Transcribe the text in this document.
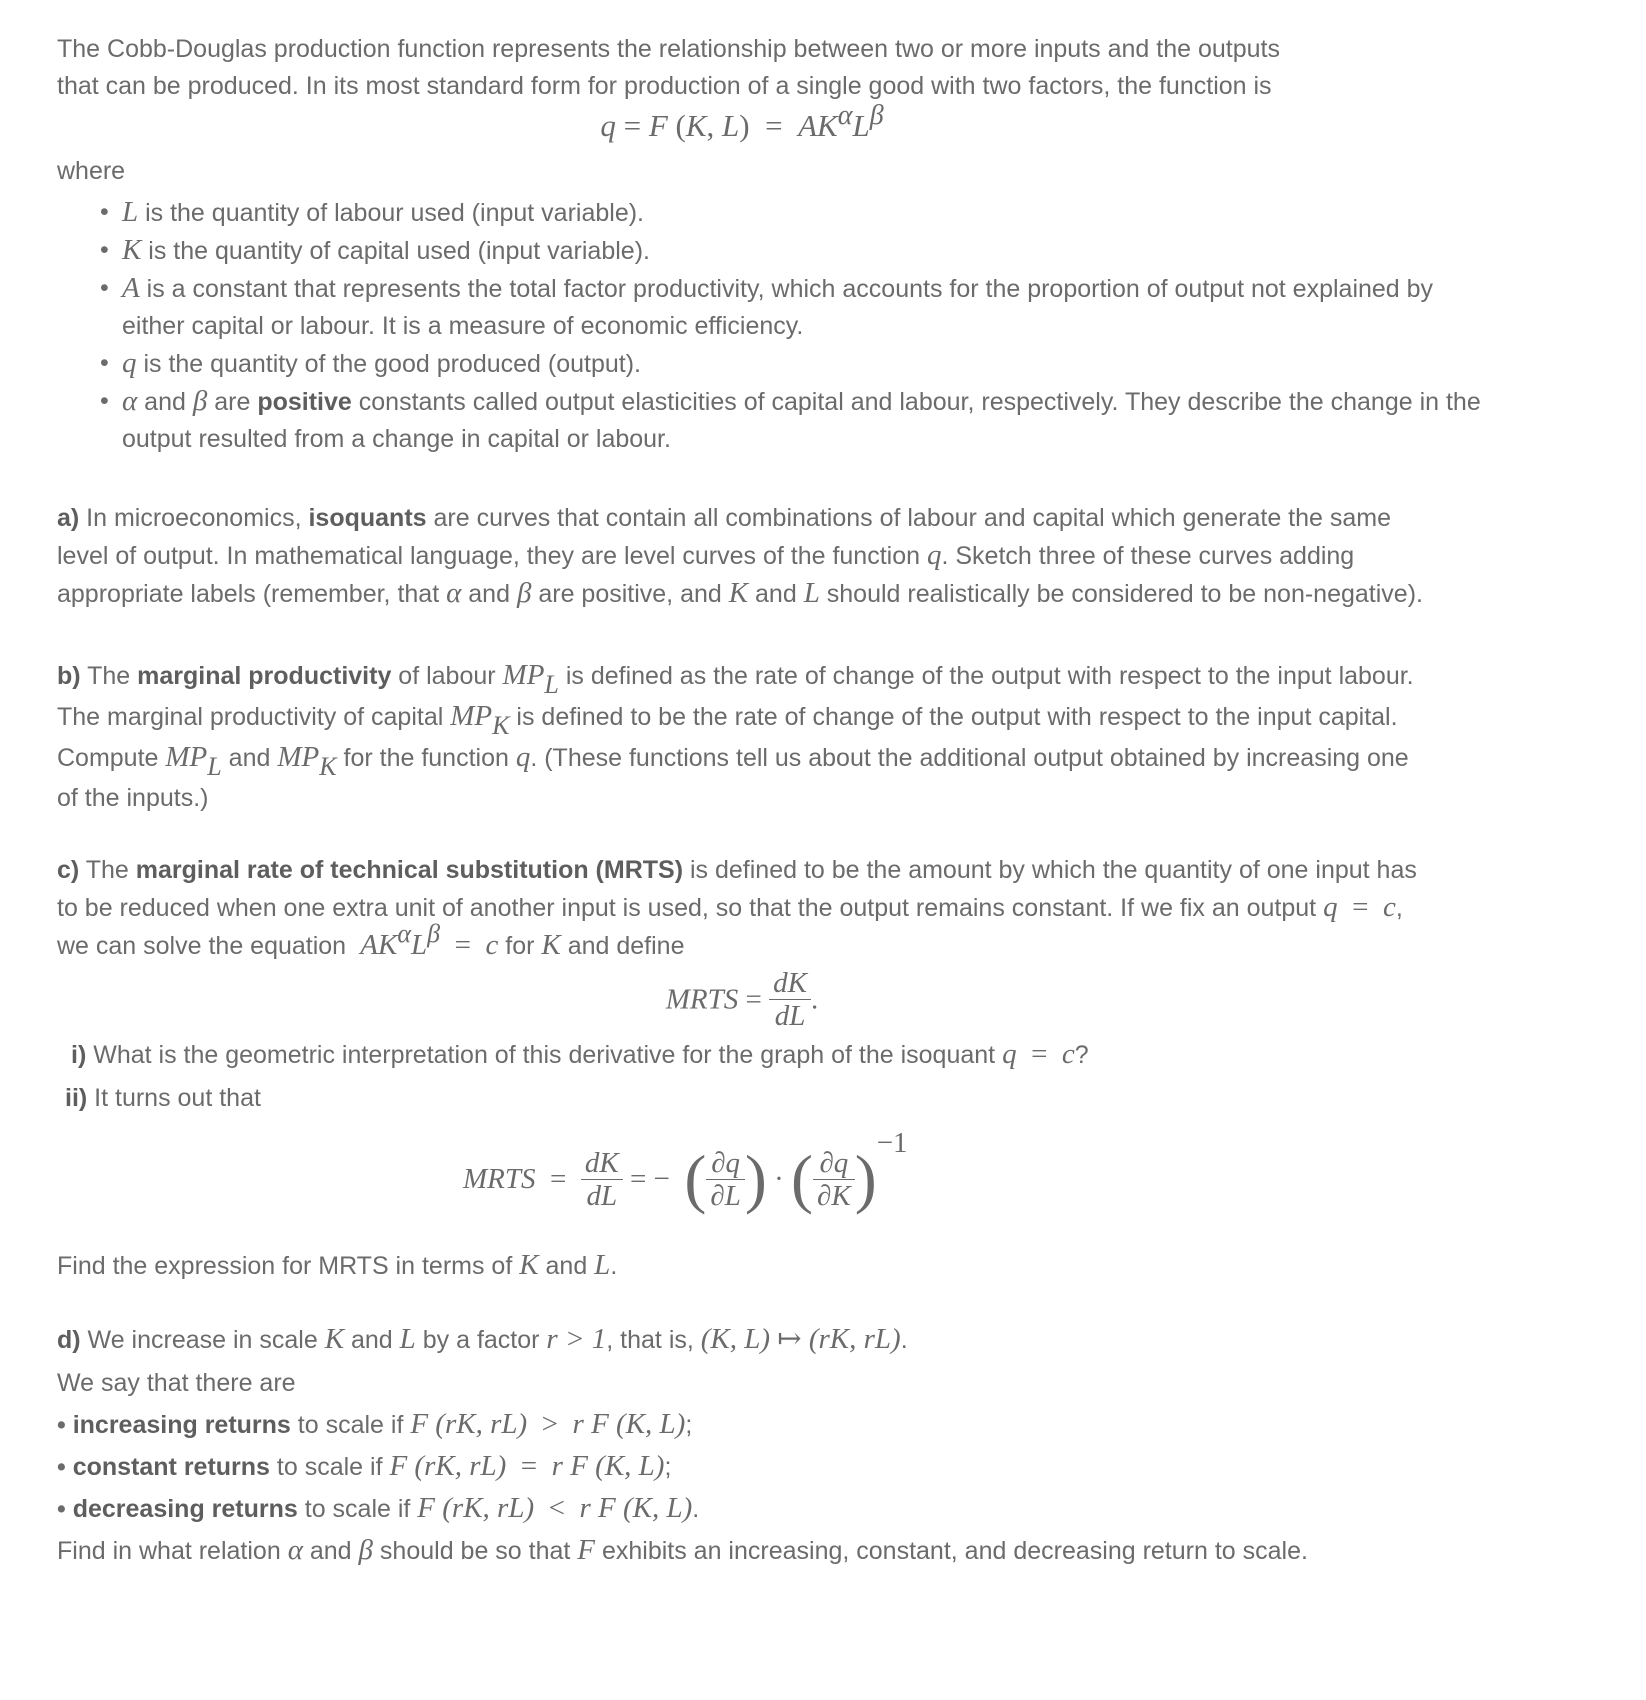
The Cobb-Douglas production function represents the relationship between two or more inputs and the outputs

that can be produced. In its most standard form for production of a single good with two factors, the function is

q = F (K, $L) = AK^\alpha L^\beta$

where

• L is the quantity of labour used (input variable).
• K is the quantity of capital used (input variable).
• A is a constant that represents the total factor productivity, which accounts for the proportion of output not explained by either capital or labour. It is a measure of economic efficiency.
• q is the quantity of the good produced (output).
• α and β are positive constants called output elasticities of capital and labour, respectively. They describe the change in the output resulted from a change in capital or labour.

a) In microeconomics, isoquants are curves that contain all combinations of labour and capital which generate the same level of output. In mathematical language, they are level curves of the function q. Sketch three of these curves adding appropriate labels (remember, that α and β are positive, and K and L should realistically be considered to be non-negative).

b) The marginal productivity of labour $MP_L$ is defined as the rate of change of the output with respect to the input labour. The marginal productivity of capital $MP_K$ is defined to be the rate of change of the output with respect to the input capital. Compute $MP_L$ and $MP_K$ for the function q. (These functions tell us about the additional output obtained by increasing one of the inputs.)

c) The marginal rate of technical substitution (MRTS) is defined to be the amount by which the quantity of one input has to be reduced when one extra unit of another input is used, so that the output remains constant. If we fix an output q = c, we can solve the equation  $AK^\alpha L^\beta = c$ for K and define

MRTS = $\frac{dK}{dL}$ .

i) What is the geometric interpretation of this derivative for the graph of the isoquant q  =  c?

ii) It turns out that

MRTS  = $\frac{dK}{dL}$ = −  ( $\frac{\partial q}{\partial L}$ ) · ( $\frac{\partial q}{\partial K} )-1$

Find the expression for MRTS in terms of K and L.

d) We increase in scale K and L by a factor r > 1, that is, (K, L) ↦ (rK, rL).

We say that there are

• increasing returns to scale if F (rK, rL) > r F (K, L);

• constant returns to scale if F (rK, rL) = r F (K, L);

• decreasing returns to scale if F (rK, rL) < r F (K, L).

Find in what relation α and β should be so that F exhibits an increasing, constant, and decreasing return to scale.
